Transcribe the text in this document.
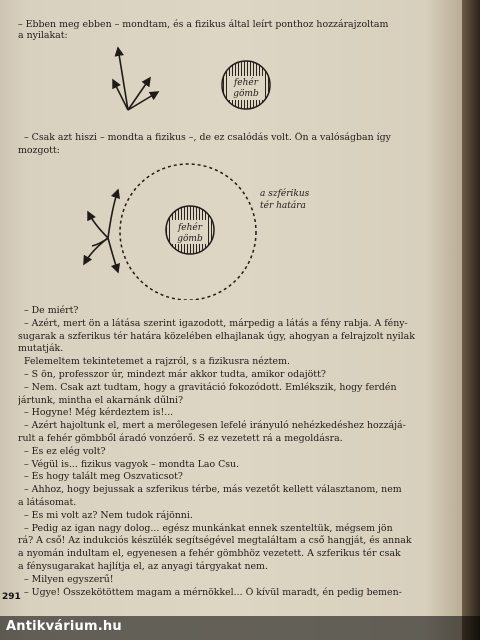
– Ebben meg ebben – mondtam, és a fizikus által leírt ponthoz hozzárajzoltam
a nyilakat:
fehér
gömb
– Csak azt hiszi – mondta a fizikus –, de ez csalódás volt. Ön a valóságban így
mozgott:
fehér
gömb
a szférikus
tér határa
– De miért?
– Azért, mert ön a látása szerint igazodott, márpedig a látás a fény rabja. A fény-
sugarak a szferikus tér határa közelében elhajlanak úgy, ahogyan a felrajzolt nyilak
mutatják.
Felemeltem tekintetemet a rajzról, s a fizikusra néztem.
– S ön, professzor úr, mindezt már akkor tudta, amikor odajött?
– Nem. Csak azt tudtam, hogy a gravitáció fokozódott. Emlékszik, hogy ferdén
jártunk, mintha el akarnánk dűlni?
– Hogyne! Még kérdeztem is!...
– Azért hajoltunk el, mert a merőlegesen lefelé irányuló nehézkedéshez hozzájá-
rult a fehér gömbből áradó vonzóerő. S ez vezetett rá a megoldásra.
– És ez elég volt?
– Végül is... fizikus vagyok – mondta Lao Csu.
– És hogy talált meg Oszvaticsot?
– Ahhoz, hogy bejussak a szferikus térbe, más vezetőt kellett választanom, nem
a látásomat.
– És mi volt az? Nem tudok rájönni.
– Pedig az igan nagy dolog... egész munkánkat ennek szenteltük, mégsem jön
rá? A cső! Az indukciós készülék segítségével megtaláltam a cső hangját, és annak
a nyomán indultam el, egyenesen a fehér gömbhöz vezetett. A szferikus tér csak
a fénysugarakat hajlítja el, az anyagi tárgyakat nem.
– Milyen egyszerű!
– Ugye! Összekötöttem magam a mérnökkel... Ő kívül maradt, én pedig bemen-
291
Antikvárium.hu
